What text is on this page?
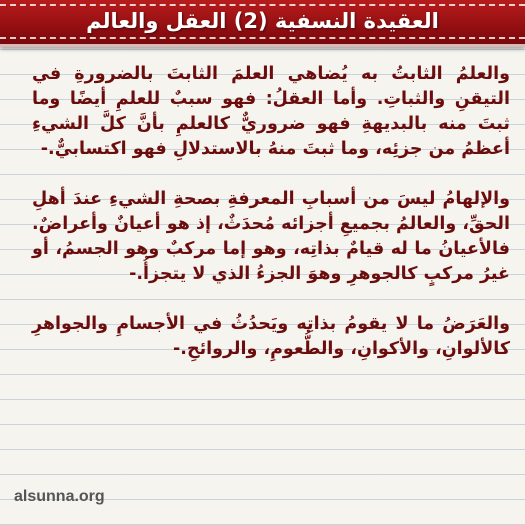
العقيدة النسفية (2) العقل والعالم

والعلمُ الثابتُ به يُضاهي العلمَ الثابتَ بالضرورةِ في التيقنِ والثباتِ. وأما العقلُ: فهو سببٌ للعلمِ أيضًا وما ثبتَ منه بالبديهةِ فهو ضروريٌّ كالعلمِ بأنَّ كلَّ الشيءِ أعظمُ من جزئِه، وما ثبتَ منهُ بالاستدلالِ فهو اكتسابيٌّ.-

والإلهامُ ليسَ من أسبابِ المعرفةِ بصحةِ الشيءِ عندَ أهلِ الحقِّ، والعالمُ بجميعِ أجزائه مُحدَثٌ، إذ هو أعيانٌ وأعراضٌ. فالأعيانُ ما له قيامٌ بذاتِه، وهو إما مركبٌ وهو الجسمُ، أو غيرُ مركبٍ كالجوهرِ وهوَ الجزءُ الذي لا يتجزأُ.-

والعَرَضُ ما لا يقومُ بذاتِه ويَحدُثُ في الأجسامِ والجواهرِ كالألوانِ، والأكوانِ، والطُّعومِ، والروائحِ.-

alsunna.org
